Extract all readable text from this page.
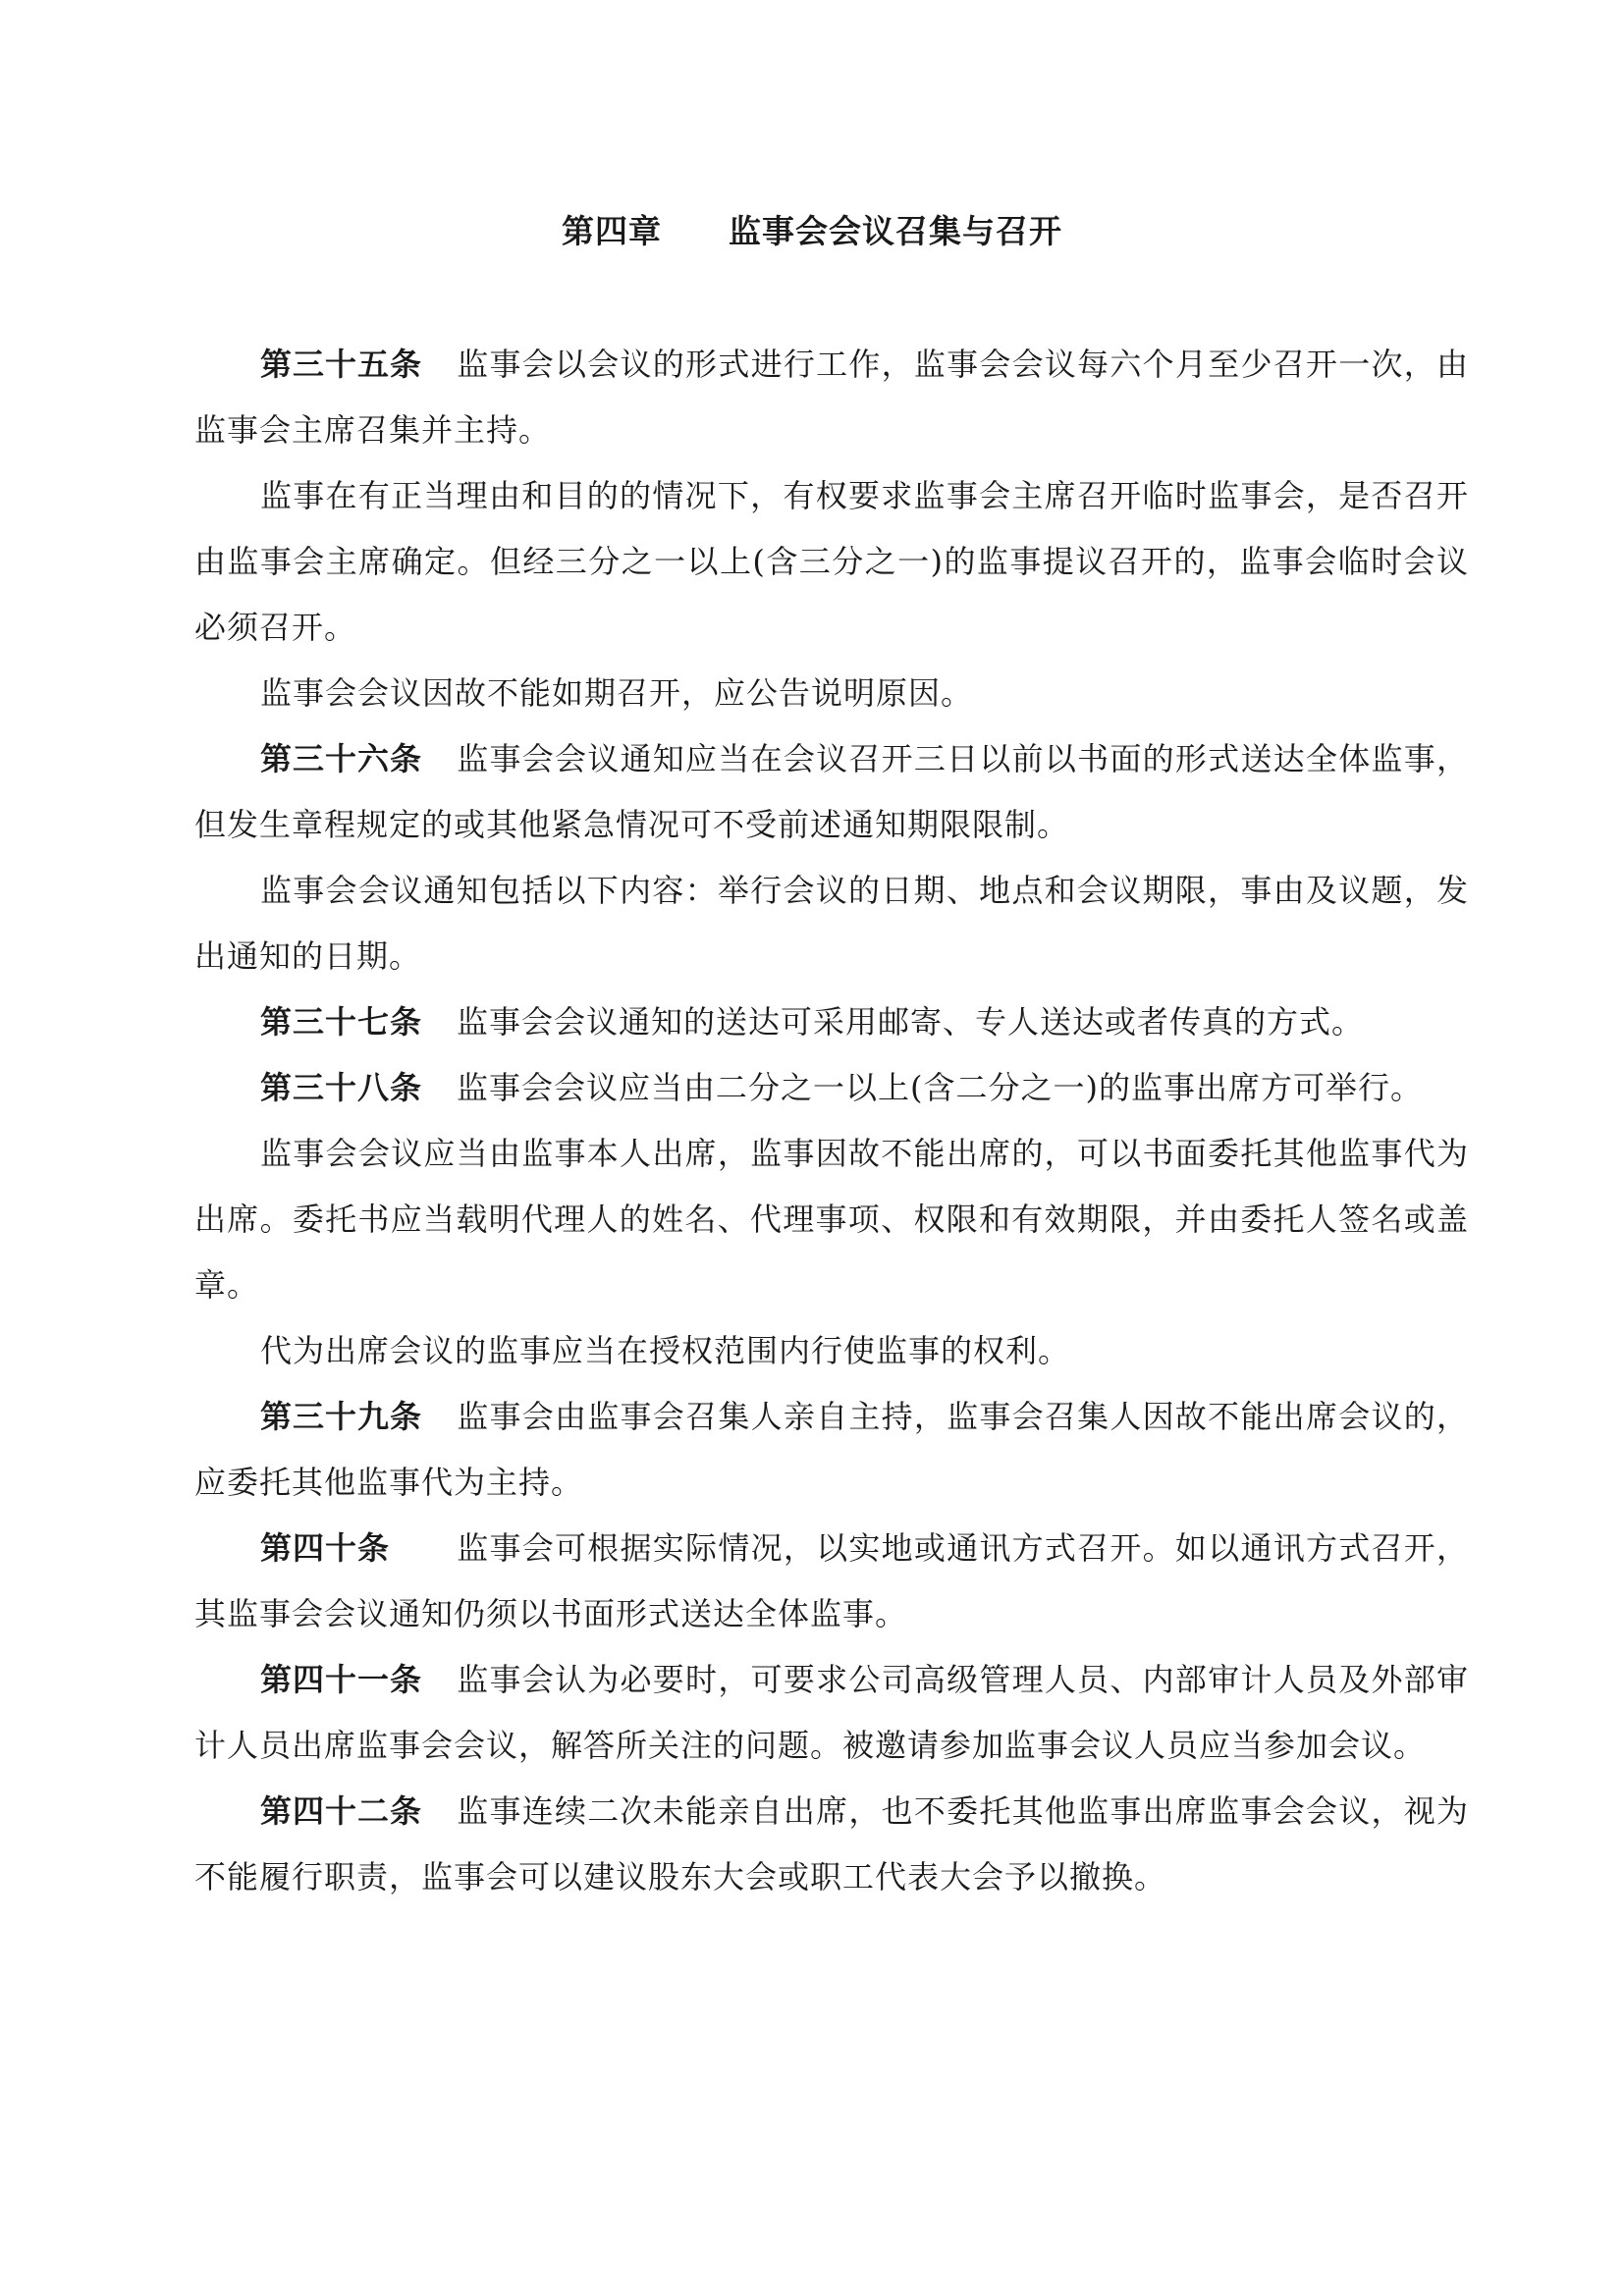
第四章　　监事会会议召集与召开

第三十五条 监事会以会议的形式进行工作，监事会会议每六个月至少召开一次，由监事会主席召集并主持。

监事在有正当理由和目的的情况下，有权要求监事会主席召开临时监事会，是否召开由监事会主席确定。但经三分之一以上(含三分之一)的监事提议召开的，监事会临时会议必须召开。

监事会会议因故不能如期召开，应公告说明原因。

第三十六条 监事会会议通知应当在会议召开三日以前以书面的形式送达全体监事，但发生章程规定的或其他紧急情况可不受前述通知期限限制。

监事会会议通知包括以下内容：举行会议的日期、地点和会议期限，事由及议题，发出通知的日期。

第三十七条 监事会会议通知的送达可采用邮寄、专人送达或者传真的方式。

第三十八条 监事会会议应当由二分之一以上(含二分之一)的监事出席方可举行。

监事会会议应当由监事本人出席，监事因故不能出席的，可以书面委托其他监事代为出席。委托书应当载明代理人的姓名、代理事项、权限和有效期限，并由委托人签名或盖章。

代为出席会议的监事应当在授权范围内行使监事的权利。

第三十九条 监事会由监事会召集人亲自主持，监事会召集人因故不能出席会议的，应委托其他监事代为主持。

第四十条 监事会可根据实际情况，以实地或通讯方式召开。如以通讯方式召开，其监事会会议通知仍须以书面形式送达全体监事。

第四十一条 监事会认为必要时，可要求公司高级管理人员、内部审计人员及外部审计人员出席监事会会议，解答所关注的问题。被邀请参加监事会议人员应当参加会议。

第四十二条 监事连续二次未能亲自出席，也不委托其他监事出席监事会会议，视为不能履行职责，监事会可以建议股东大会或职工代表大会予以撤换。
